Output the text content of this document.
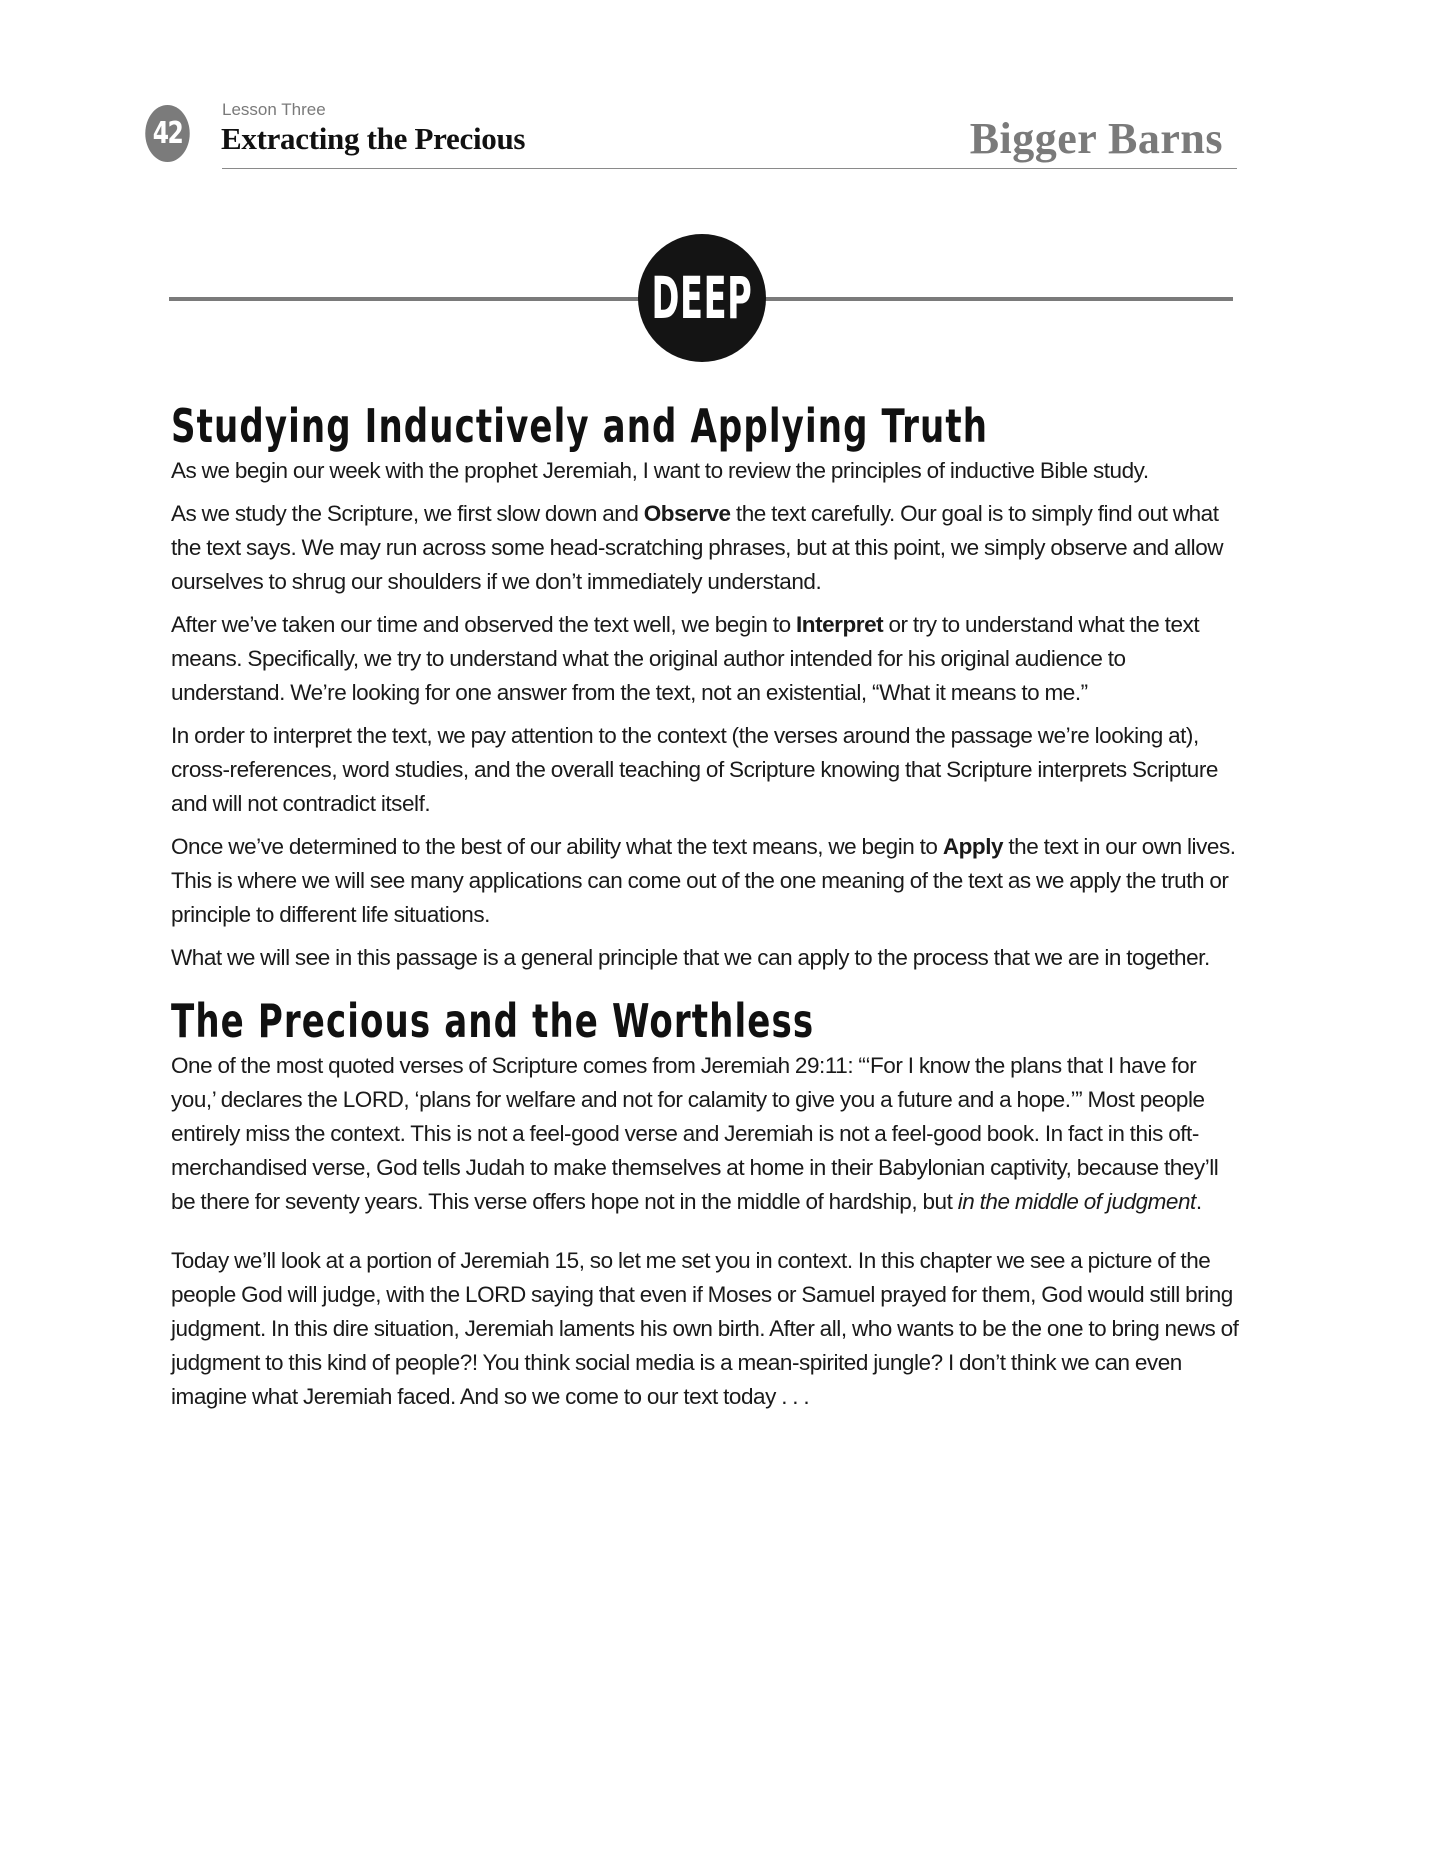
42
Lesson Three
Extracting the Precious	Bigger Barns
DEEP
Studying Inductively and Applying Truth

As we begin our week with the prophet Jeremiah, I want to review the principles of inductive Bible study.

As we study the Scripture, we first slow down and Observe the text carefully. Our goal is to simply find out what the text says. We may run across some head-scratching phrases, but at this point, we simply observe and allow ourselves to shrug our shoulders if we don’t immediately understand.

After we’ve taken our time and observed the text well, we begin to Interpret or try to understand what the text means. Specifically, we try to understand what the original author intended for his original audience to understand. We’re looking for one answer from the text, not an existential, “What it means to me.”

In order to interpret the text, we pay attention to the context (the verses around the passage we’re looking at), cross-references, word studies, and the overall teaching of Scripture knowing that Scripture interprets Scripture and will not contradict itself.

Once we’ve determined to the best of our ability what the text means, we begin to Apply the text in our own lives. This is where we will see many applications can come out of the one meaning of the text as we apply the truth or principle to different life situations.

What we will see in this passage is a general principle that we can apply to the process that we are in together.

The Precious and the Worthless

One of the most quoted verses of Scripture comes from Jeremiah 29:11: “‘For I know the plans that I have for you,’ declares the LORD, ‘plans for welfare and not for calamity to give you a future and a hope.’” Most people entirely miss the context. This is not a feel-good verse and Jeremiah is not a feel-good book. In fact in this oft-merchandised verse, God tells Judah to make themselves at home in their Babylonian captivity, because they’ll be there for seventy years. This verse offers hope not in the middle of hardship, but in the middle of judgment.

Today we’ll look at a portion of Jeremiah 15, so let me set you in context. In this chapter we see a picture of the people God will judge, with the LORD saying that even if Moses or Samuel prayed for them, God would still bring judgment. In this dire situation, Jeremiah laments his own birth. After all, who wants to be the one to bring news of judgment to this kind of people?! You think social media is a mean-spirited jungle? I don’t think we can even imagine what Jeremiah faced. And so we come to our text today . . .
